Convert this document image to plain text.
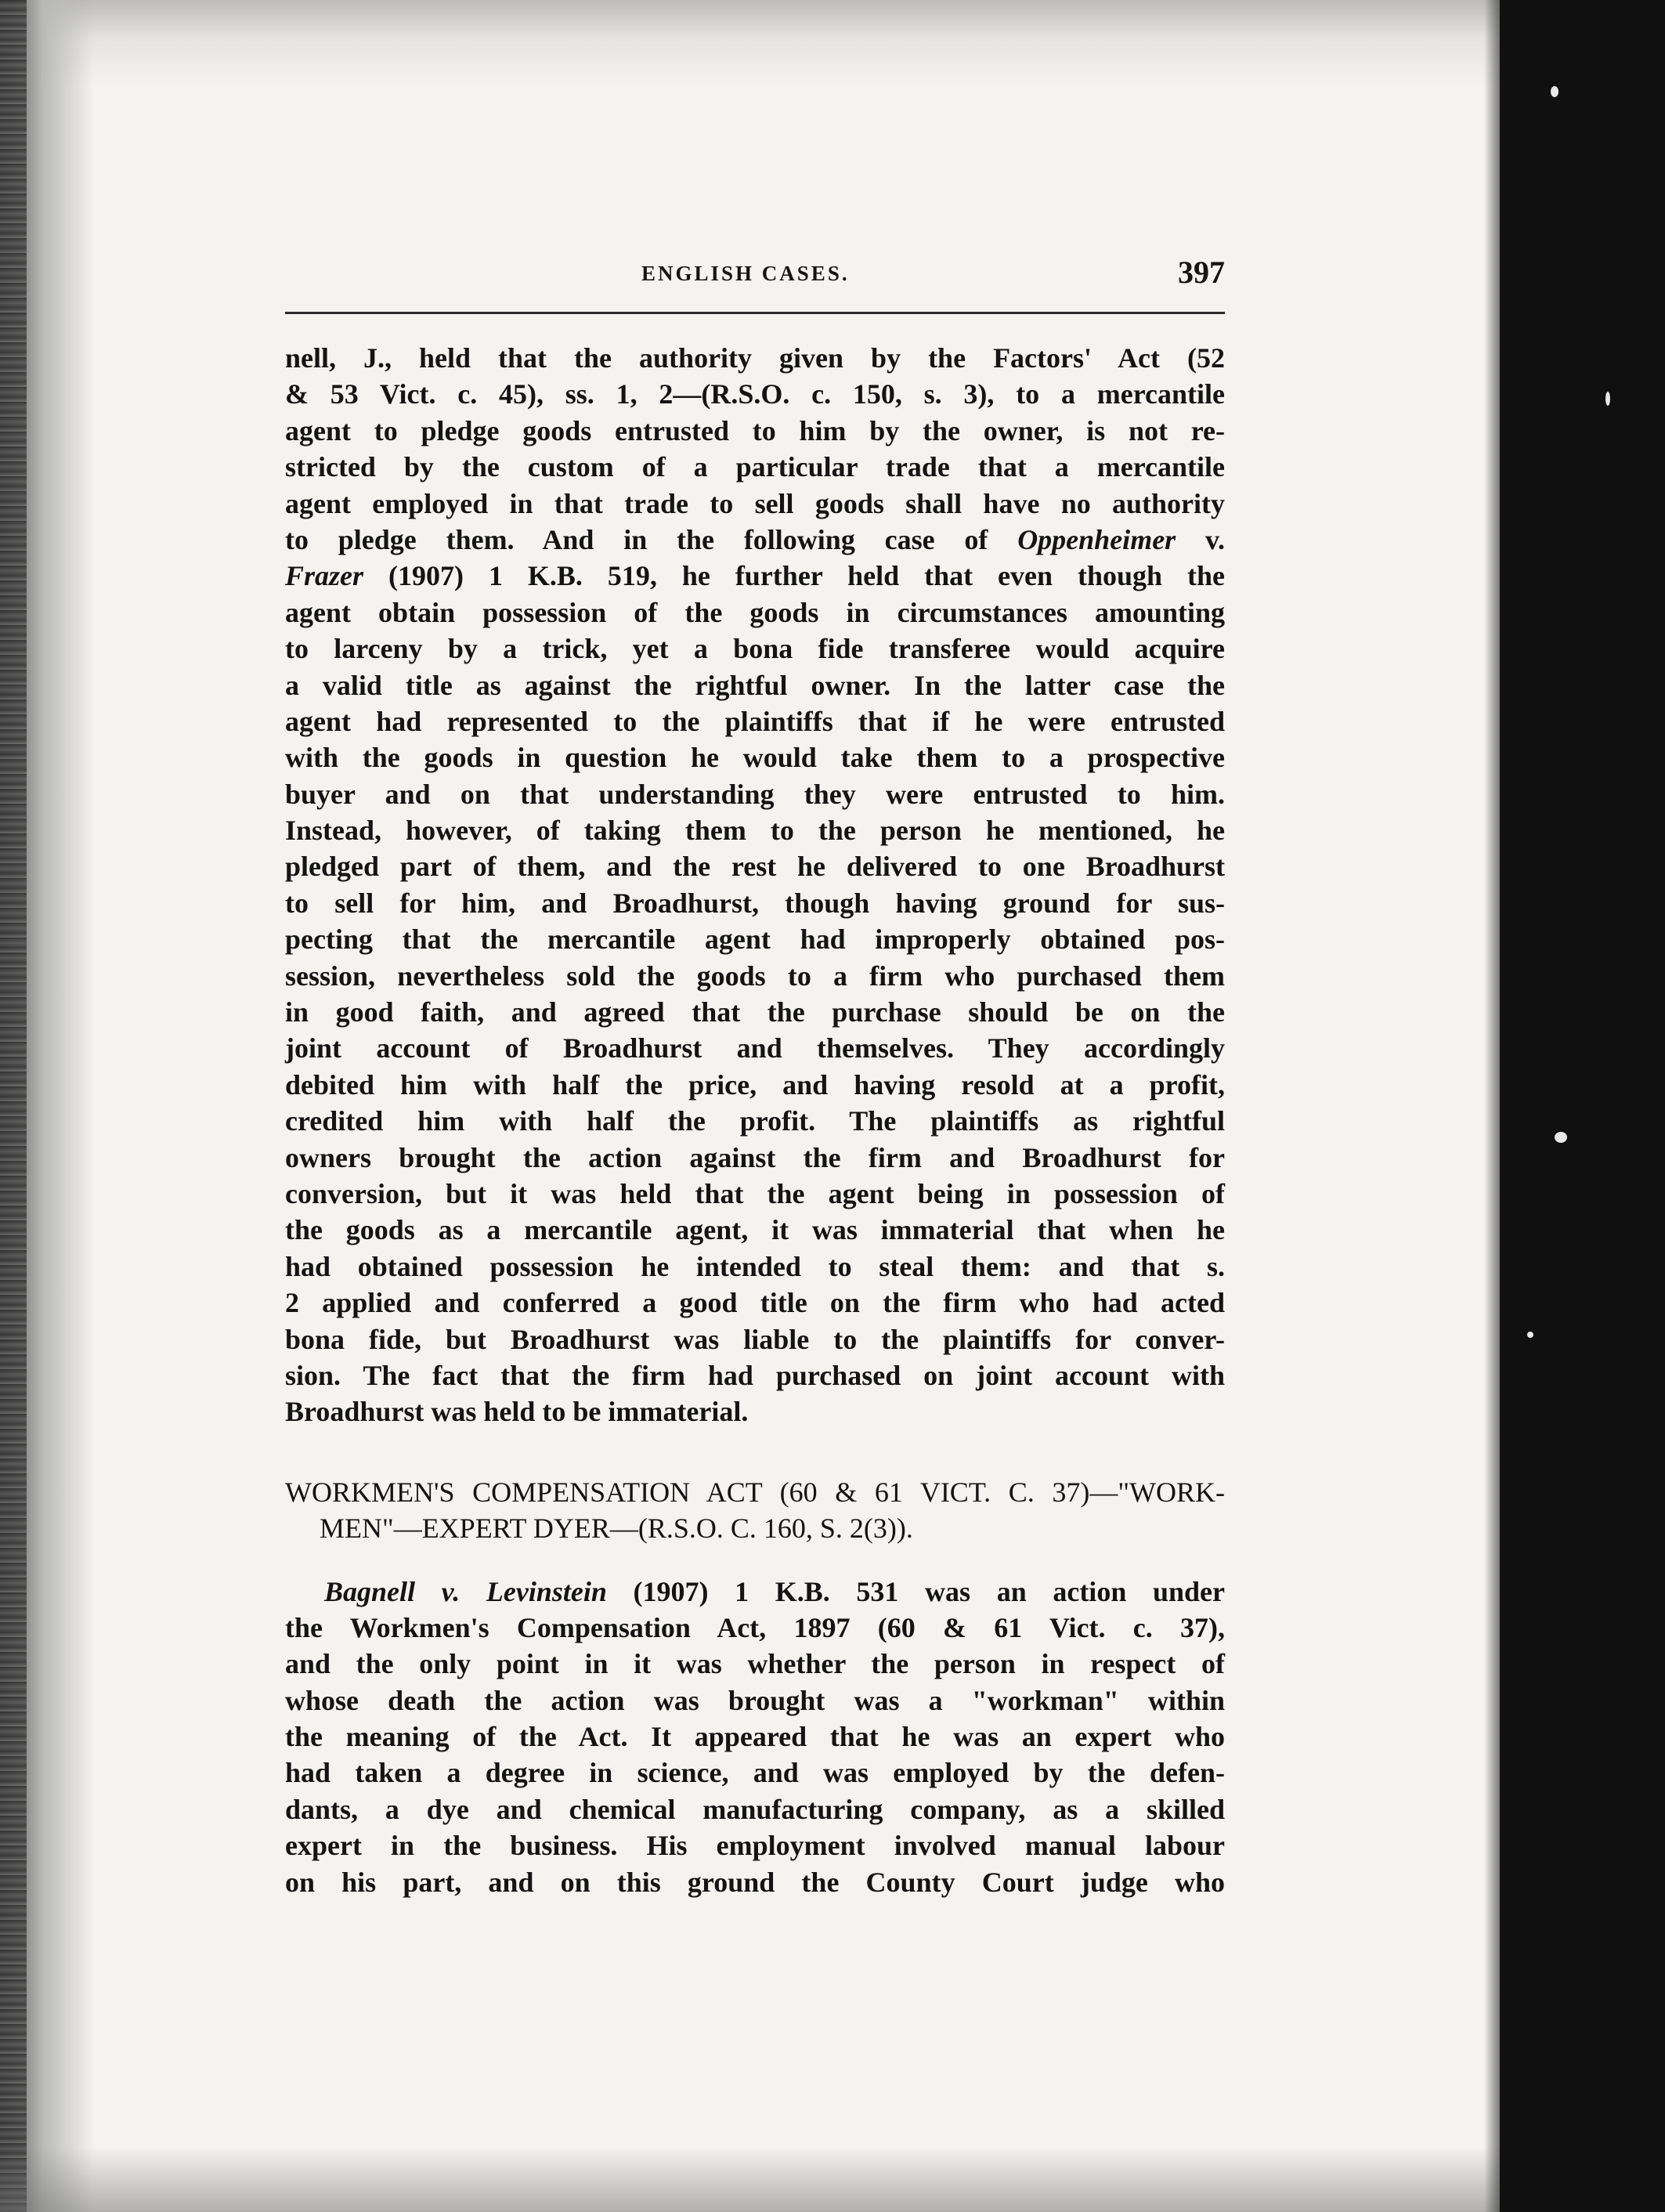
ENGLISH CASES.	397
nell, J., held that the authority given by the Factors' Act (52
& 53 Vict. c. 45), ss. 1, 2—(R.S.O. c. 150, s. 3), to a mercantile
agent to pledge goods entrusted to him by the owner, is not re-
stricted by the custom of a particular trade that a mercantile
agent employed in that trade to sell goods shall have no authority
to pledge them. And in the following case of Oppenheimer v.
Frazer (1907) 1 K.B. 519, he further held that even though the
agent obtain possession of the goods in circumstances amounting
to larceny by a trick, yet a bona fide transferee would acquire
a valid title as against the rightful owner. In the latter case the
agent had represented to the plaintiffs that if he were entrusted
with the goods in question he would take them to a prospective
buyer and on that understanding they were entrusted to him.
Instead, however, of taking them to the person he mentioned, he
pledged part of them, and the rest he delivered to one Broadhurst
to sell for him, and Broadhurst, though having ground for sus-
pecting that the mercantile agent had improperly obtained pos-
session, nevertheless sold the goods to a firm who purchased them
in good faith, and agreed that the purchase should be on the
joint account of Broadhurst and themselves. They accordingly
debited him with half the price, and having resold at a profit,
credited him with half the profit. The plaintiffs as rightful
owners brought the action against the firm and Broadhurst for
conversion, but it was held that the agent being in possession of
the goods as a mercantile agent, it was immaterial that when he
had obtained possession he intended to steal them: and that s.
2 applied and conferred a good title on the firm who had acted
bona fide, but Broadhurst was liable to the plaintiffs for conver-
sion. The fact that the firm had purchased on joint account with
Broadhurst was held to be immaterial.
WORKMEN'S COMPENSATION ACT (60 & 61 VICT. C. 37)—"WORK-
MEN"—EXPERT DYER—(R.S.O. C. 160, S. 2(3)).
Bagnell v. Levinstein (1907) 1 K.B. 531 was an action under
the Workmen's Compensation Act, 1897 (60 & 61 Vict. c. 37),
and the only point in it was whether the person in respect of
whose death the action was brought was a "workman" within
the meaning of the Act. It appeared that he was an expert who
had taken a degree in science, and was employed by the defen-
dants, a dye and chemical manufacturing company, as a skilled
expert in the business. His employment involved manual labour
on his part, and on this ground the County Court judge who
